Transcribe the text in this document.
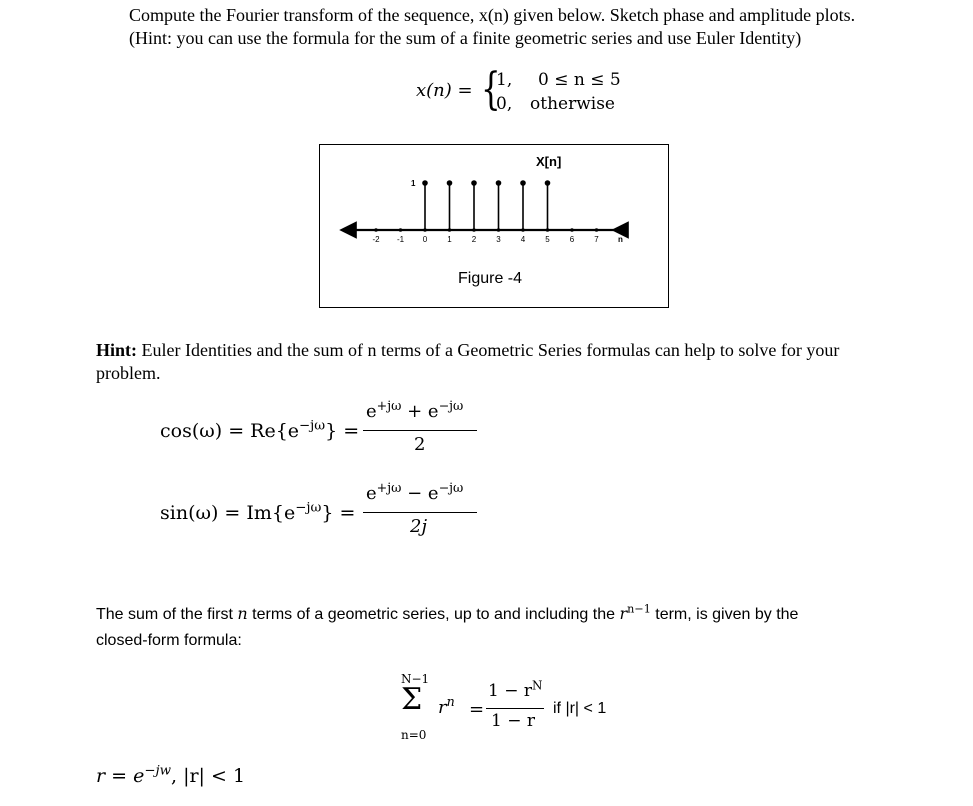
Compute the Fourier transform of the sequence, x(n) given below. Sketch phase and amplitude plots.
(Hint: you can use the formula for the sum of a finite geometric series and use Euler Identity)
x(n) = {
1, 0 ≤ n ≤ 5
0, otherwise
-2 -1 0	1	2	3	4	5	6	7 n
X[n]
1
Figure -4
Hint: Euler Identities and the sum of n terms of a Geometric Series formulas can help to solve for your
problem.
$\cos(\omega) = Re\{e^{-j\omega}\}$ =
$e^{+j\omega} + e^{-j\omega}$
2
$\sin(\omega) = Im\{e^{-j\omega}\}$ =
$e^{+j\omega} - e^{-j\omega}$
2j
The sum of the first n terms of a geometric series, up to and including the $r^{n-1}$ term, is given by the
closed-form formula:
N−1
Σ
n=0
$r^n$ =
$1 - r^N$
1 − r
if |r| < 1
$r = e^{-jw}$, |r| < 1
